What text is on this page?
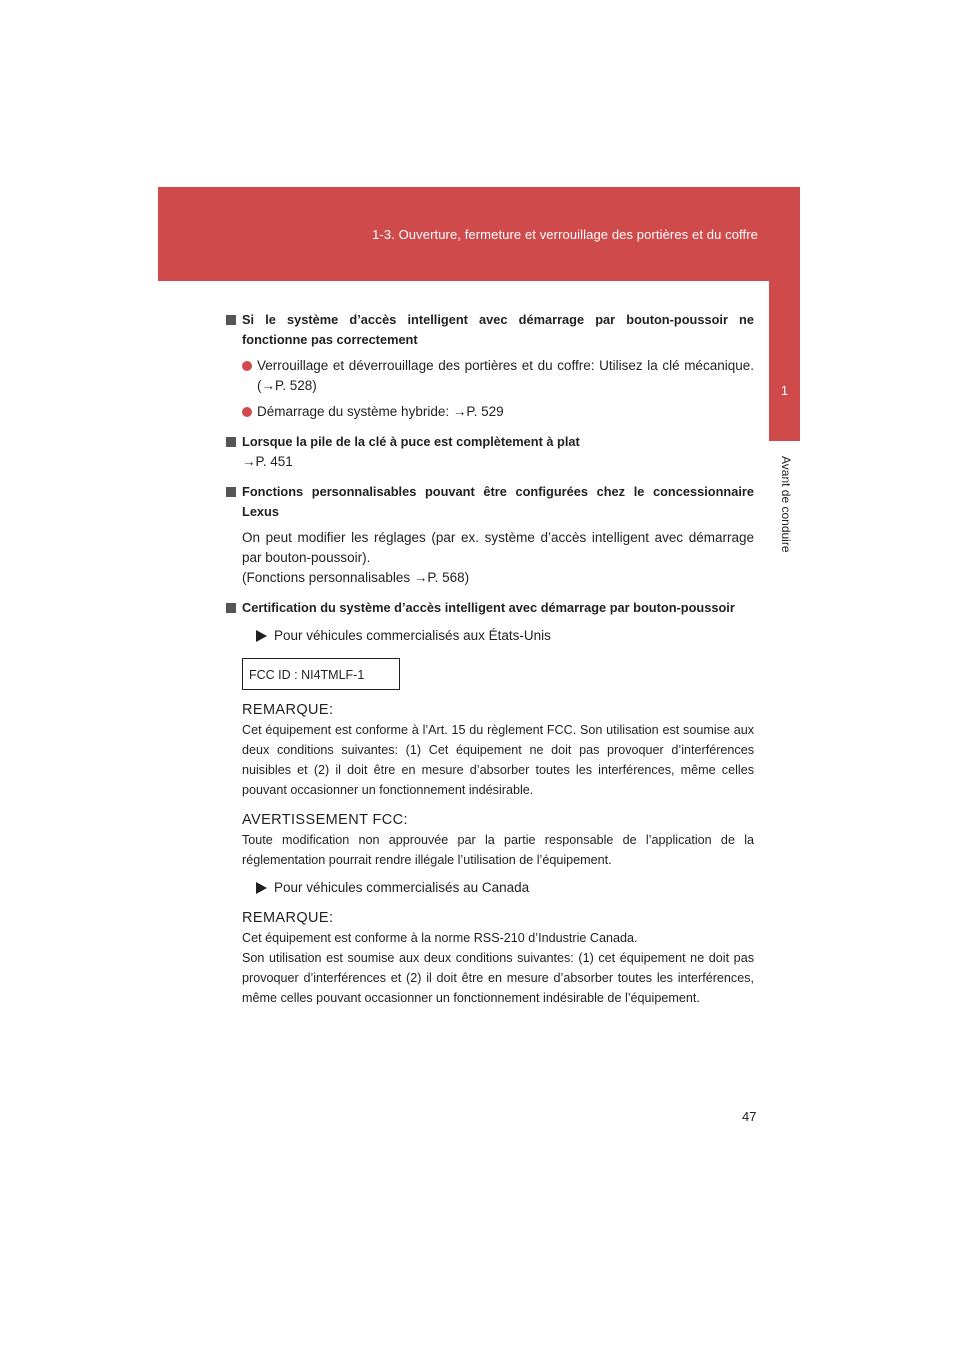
1-3. Ouverture, fermeture et verrouillage des portières et du coffre
1
Avant de conduire
Si le système d’accès intelligent avec démarrage par bouton-poussoir ne fonctionne pas correctement
Verrouillage et déverrouillage des portières et du coffre: Utilisez la clé mécanique. (→P. 528)
Démarrage du système hybride: →P. 529
Lorsque la pile de la clé à puce est complètement à plat
→P. 451
Fonctions personnalisables pouvant être configurées chez le concessionnaire Lexus
On peut modifier les réglages (par ex. système d’accès intelligent avec démarrage par bouton-poussoir).
(Fonctions personnalisables →P. 568)
Certification du système d’accès intelligent avec démarrage par bouton-poussoir
Pour véhicules commercialisés aux États-Unis
FCC ID : NI4TMLF-1
REMARQUE:
Cet équipement est conforme à l’Art. 15 du règlement FCC. Son utilisation est soumise aux deux conditions suivantes: (1) Cet équipement ne doit pas provoquer d’interférences nuisibles et (2) il doit être en mesure d’absorber toutes les interférences, même celles pouvant occasionner un fonctionnement indésirable.
AVERTISSEMENT FCC:
Toute modification non approuvée par la partie responsable de l’application de la réglementation pourrait rendre illégale l’utilisation de l’équipement.
Pour véhicules commercialisés au Canada
REMARQUE:
Cet équipement est conforme à la norme RSS-210 d’Industrie Canada.
Son utilisation est soumise aux deux conditions suivantes: (1) cet équipement ne doit pas provoquer d’interférences et (2) il doit être en mesure d’absorber toutes les interférences, même celles pouvant occasionner un fonctionnement indésirable de l’équipement.
47
